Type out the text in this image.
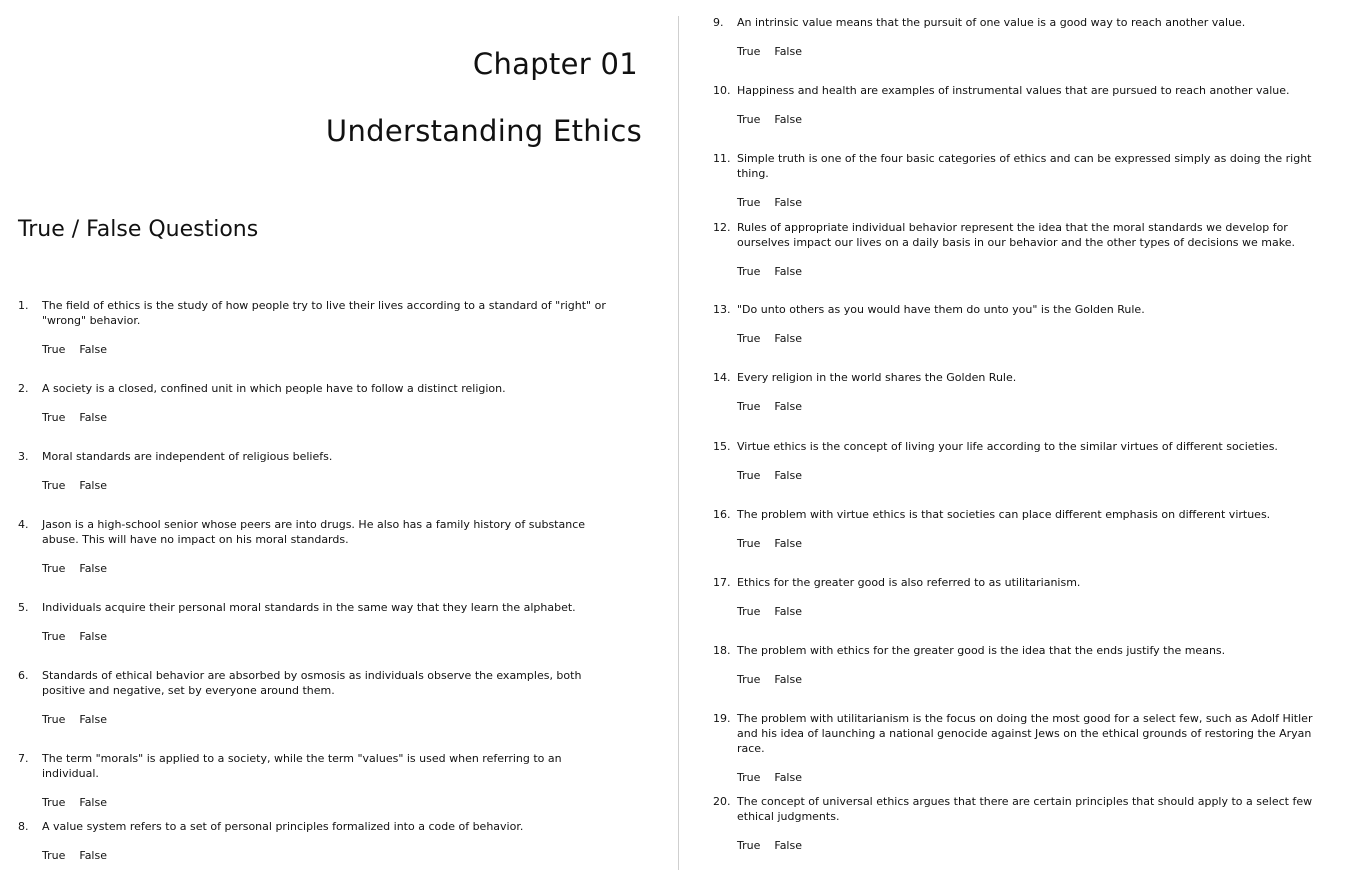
Chapter 01
Understanding Ethics
True / False Questions
1. The field of ethics is the study of how people try to live their lives according to a standard of "right" or "wrong" behavior.
True False
2. A society is a closed, confined unit in which people have to follow a distinct religion.
True False
3. Moral standards are independent of religious beliefs.
True False
4. Jason is a high-school senior whose peers are into drugs. He also has a family history of substance abuse. This will have no impact on his moral standards.
True False
5. Individuals acquire their personal moral standards in the same way that they learn the alphabet.
True False
6. Standards of ethical behavior are absorbed by osmosis as individuals observe the examples, both positive and negative, set by everyone around them.
True False
7. The term "morals" is applied to a society, while the term "values" is used when referring to an individual.
True False
8. A value system refers to a set of personal principles formalized into a code of behavior.
True False
9. An intrinsic value means that the pursuit of one value is a good way to reach another value.
True False
10. Happiness and health are examples of instrumental values that are pursued to reach another value.
True False
11. Simple truth is one of the four basic categories of ethics and can be expressed simply as doing the right thing.
True False
12. Rules of appropriate individual behavior represent the idea that the moral standards we develop for ourselves impact our lives on a daily basis in our behavior and the other types of decisions we make.
True False
13. "Do unto others as you would have them do unto you" is the Golden Rule.
True False
14. Every religion in the world shares the Golden Rule.
True False
15. Virtue ethics is the concept of living your life according to the similar virtues of different societies.
True False
16. The problem with virtue ethics is that societies can place different emphasis on different virtues.
True False
17. Ethics for the greater good is also referred to as utilitarianism.
True False
18. The problem with ethics for the greater good is the idea that the ends justify the means.
True False
19. The problem with utilitarianism is the focus on doing the most good for a select few, such as Adolf Hitler and his idea of launching a national genocide against Jews on the ethical grounds of restoring the Aryan race.
True False
20. The concept of universal ethics argues that there are certain principles that should apply to a select few ethical judgments.
True False
